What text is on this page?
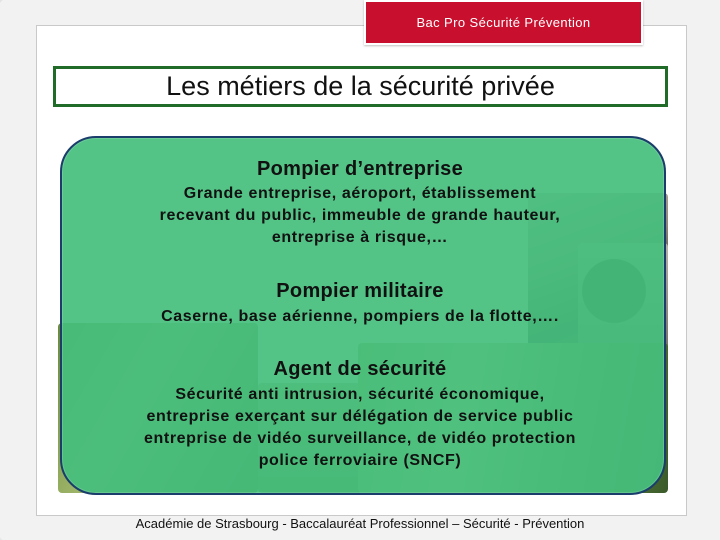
Bac Pro Sécurité Prévention
Les métiers de la sécurité privée
Pompier d’entreprise
Grande entreprise, aéroport, établissement
recevant du public, immeuble de grande hauteur,
entreprise à risque,…
Pompier militaire
Caserne, base aérienne, pompiers de la flotte,….
Agent de sécurité
Sécurité anti intrusion, sécurité économique,
entreprise exerçant sur délégation de service public
entreprise de vidéo surveillance, de vidéo protection
police ferroviaire (SNCF)
Académie de Strasbourg - Baccalauréat Professionnel – Sécurité - Prévention
